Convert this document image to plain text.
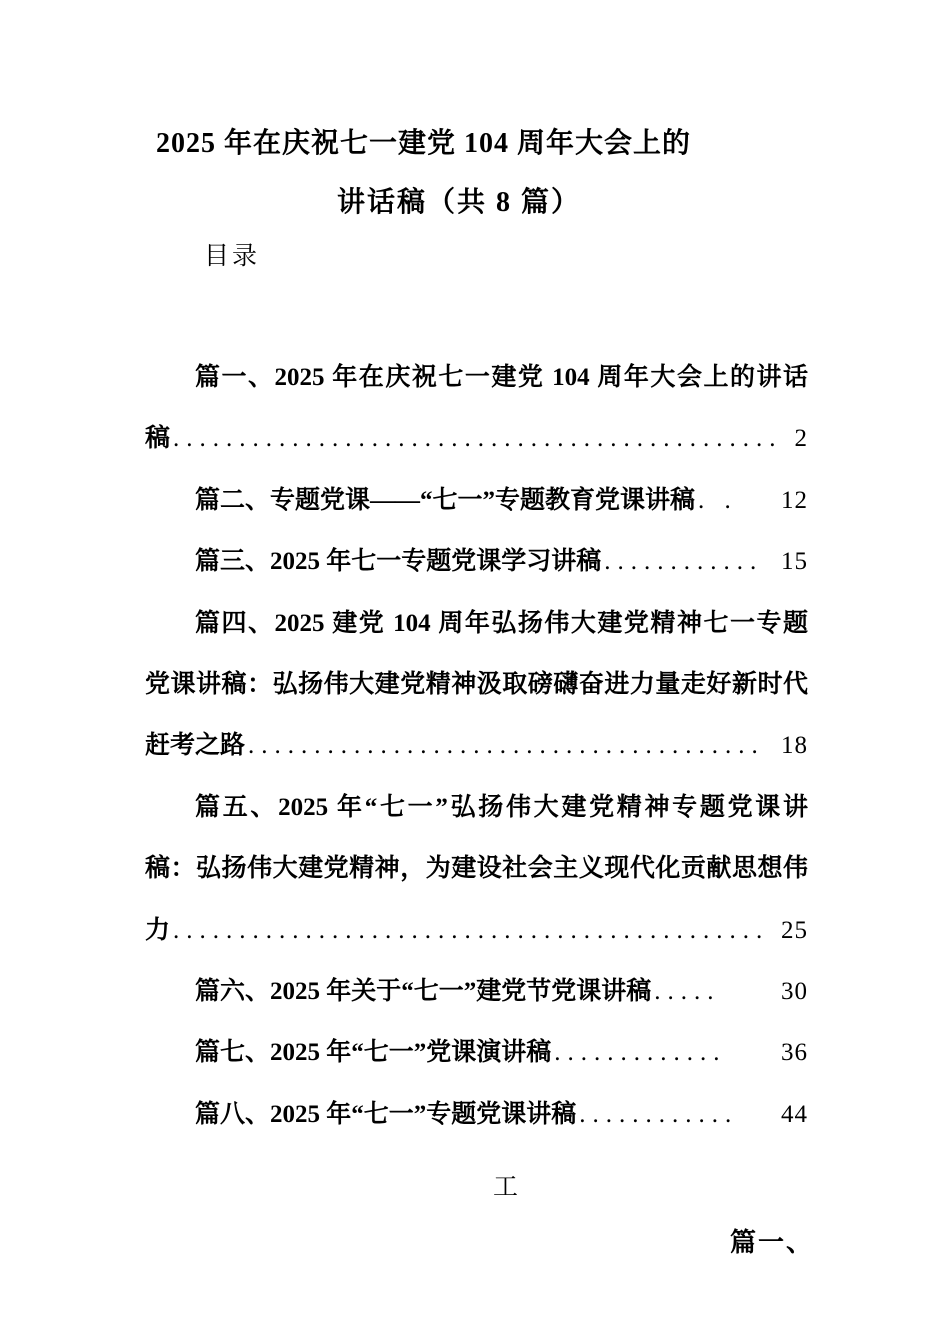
2025 年在庆祝七一建党 104 周年大会上的
讲话稿（共 8 篇）
目录
篇一、2025 年在庆祝七一建党 104 周年大会上的讲话
稿 .............................................. 2
篇二、专题党课——“七一”专题教育党课讲稿 . .	12
篇三、2025 年七一专题党课学习讲稿 ............ 15
篇四、2025 建党 104 周年弘扬伟大建党精神七一专题
党课讲稿：弘扬伟大建党精神汲取磅礴奋进力量走好新时代
赶考之路 ....................................... 18
篇五、2025 年“七一”弘扬伟大建党精神专题党课讲
稿：弘扬伟大建党精神，为建设社会主义现代化贡献思想伟
力 ............................................. 25
篇六、2025 年关于“七一”建党节党课讲稿 .....	30
篇七、2025 年“七一”党课演讲稿 .............	36
篇八、2025 年“七一”专题党课讲稿 ............	44
工
篇一、
